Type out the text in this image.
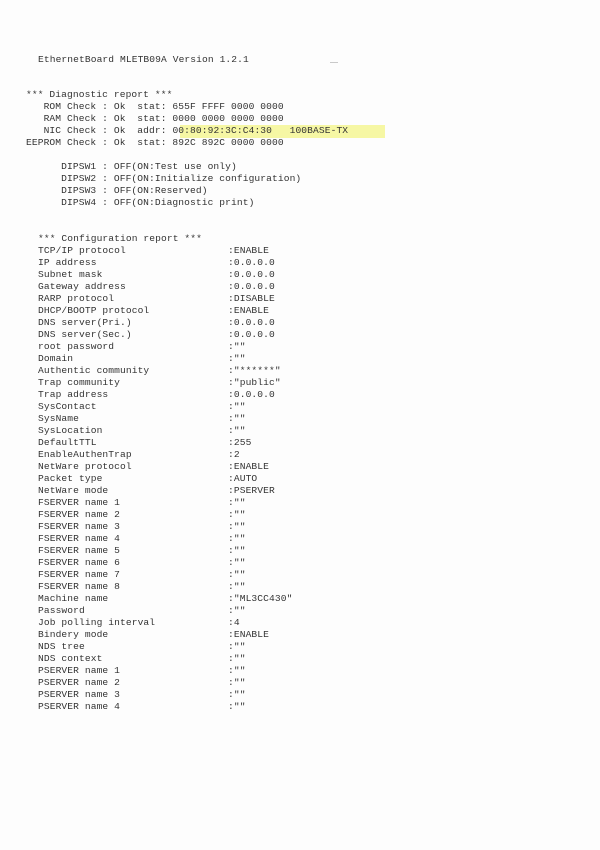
EthernetBoard MLETB09A Version 1.2.1
*** Diagnostic report ***
ROM Check : Ok  stat: 655F FFFF 0000 0000
RAM Check : Ok  stat: 0000 0000 0000 0000
NIC Check : Ok  addr: 00:80:92:3C:C4:30   100BASE-TX
EEPROM Check : Ok  stat: 892C 892C 0000 0000
DIPSW1 : OFF(ON:Test use only)
DIPSW2 : OFF(ON:Initialize configuration)
DIPSW3 : OFF(ON:Reserved)
DIPSW4 : OFF(ON:Diagnostic print)
*** Configuration report ***
TCP/IP protocol	:ENABLE
IP address	:0.0.0.0
Subnet mask	:0.0.0.0
Gateway address	:0.0.0.0
RARP protocol	:DISABLE
DHCP/BOOTP protocol	:ENABLE
DNS server(Pri.)	:0.0.0.0
DNS server(Sec.)	:0.0.0.0
root password	:""
Domain	:""
Authentic community	:"******"
Trap community	:"public"
Trap address	:0.0.0.0
SysContact	:""
SysName	:""
SysLocation	:""
DefaultTTL	:255
EnableAuthenTrap	:2
NetWare protocol	:ENABLE
Packet type	:AUTO
NetWare mode	:PSERVER
FSERVER name 1	:""
FSERVER name 2	:""
FSERVER name 3	:""
FSERVER name 4	:""
FSERVER name 5	:""
FSERVER name 6	:""
FSERVER name 7	:""
FSERVER name 8	:""
Machine name	:"ML3CC430"
Password	:""
Job polling interval	:4
Bindery mode	:ENABLE
NDS tree	:""
NDS context	:""
PSERVER name 1	:""
PSERVER name 2	:""
PSERVER name 3	:""
PSERVER name 4	:""
